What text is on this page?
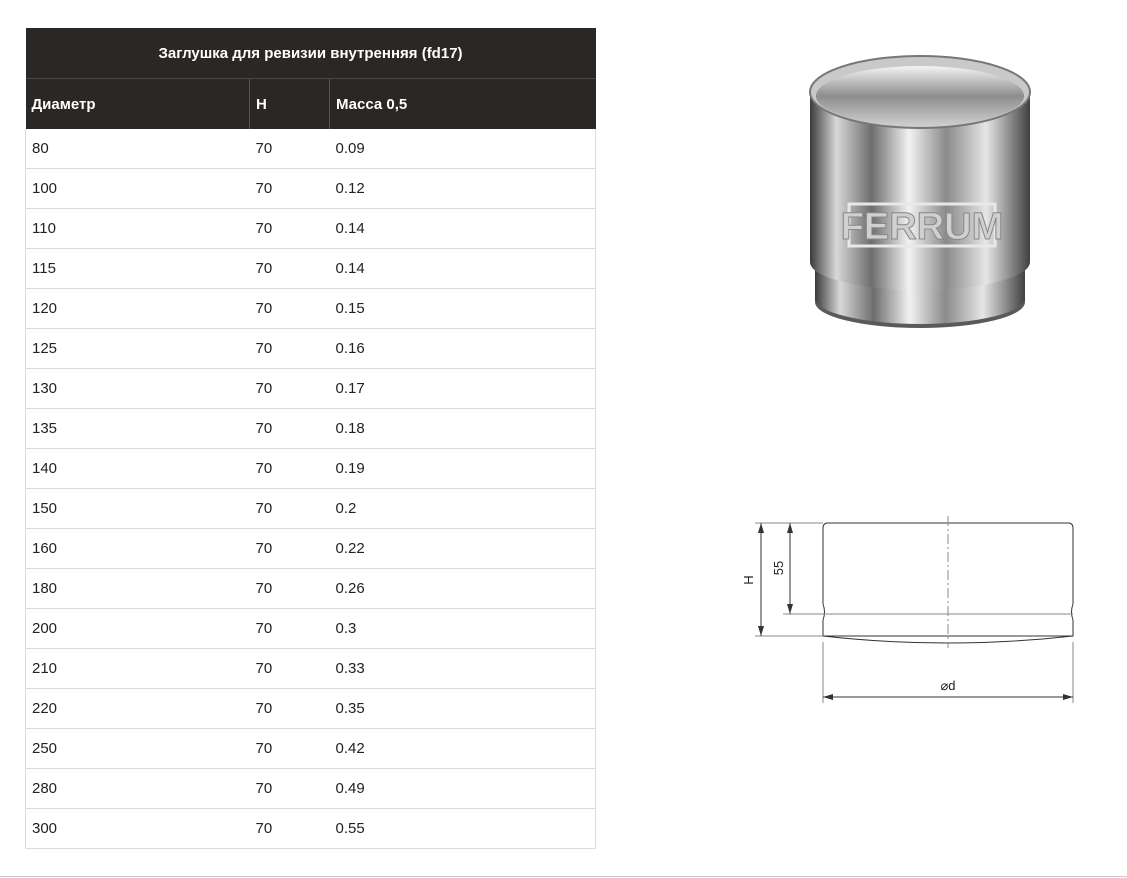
Заглушка для ревизии внутренняя (fd17)		
Диаметр	H	Масса 0,5
80	70	0.09
100	70	0.12
110	70	0.14
115	70	0.14
120	70	0.15
125	70	0.16
130	70	0.17
135	70	0.18
140	70	0.19
150	70	0.2
160	70	0.22
180	70	0.26
200	70	0.3
210	70	0.33
220	70	0.35
250	70	0.42
280	70	0.49
300	70	0.55
FERRUM
H
55
⌀d
